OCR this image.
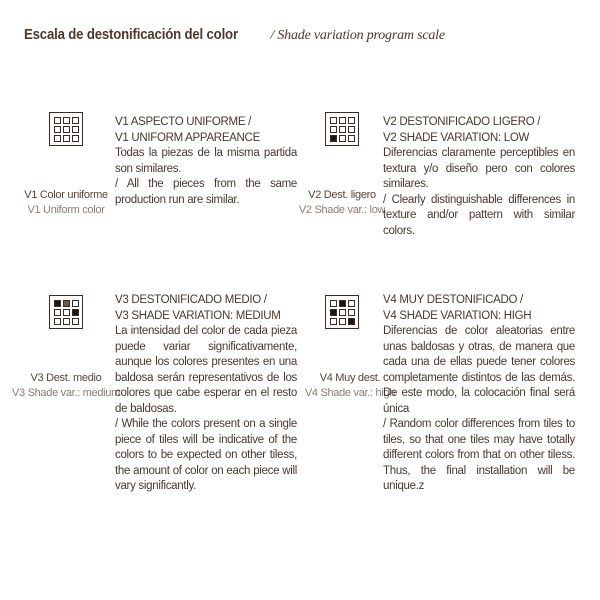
Escala de destonificación del color / Shade variation program scale
V1 Color uniforme
V1 Uniform color
V1 ASPECTO UNIFORME /
V1 UNIFORM APPAREANCE
Todas la piezas de la misma partida son similares.
/ All the pieces from the same production run are similar.	V2 Dest. ligero
V2 Shade var.: low
V2 DESTONIFICADO LIGERO /
V2 SHADE VARIATION: LOW
Diferencias claramente perceptibles en textura y/o diseño pero con colores similares.
/ Clearly distinguishable differences in texture and/or pattern with similar colors.
V3 Dest. medio
V3 Shade var.: medium
V3 DESTONIFICADO MEDIO /
V3 SHADE VARIATION: MEDIUM
La intensidad del color de cada pieza puede variar significativamente, aunque los colores presentes en una baldosa serán representativos de los colores que cabe esperar en el resto de baldosas.
/ While the colors present on a single piece of tiles will be indicative of the colors to be expected on other tiless, the amount of color on each piece will vary significantly.
V4 Muy dest.
V4 Shade var.: high
V4 MUY DESTONIFICADO /
V4 SHADE VARIATION: HIGH
Diferencias de color aleatorias entre unas baldosas y otras, de manera que cada una de ellas puede tener colores completamente distintos de las demás. De este modo, la colocación final será única
/ Random color differences from tiles to tiles, so that one tiles may have totally different colors from that on other tiless. Thus, the final installation will be unique.z
